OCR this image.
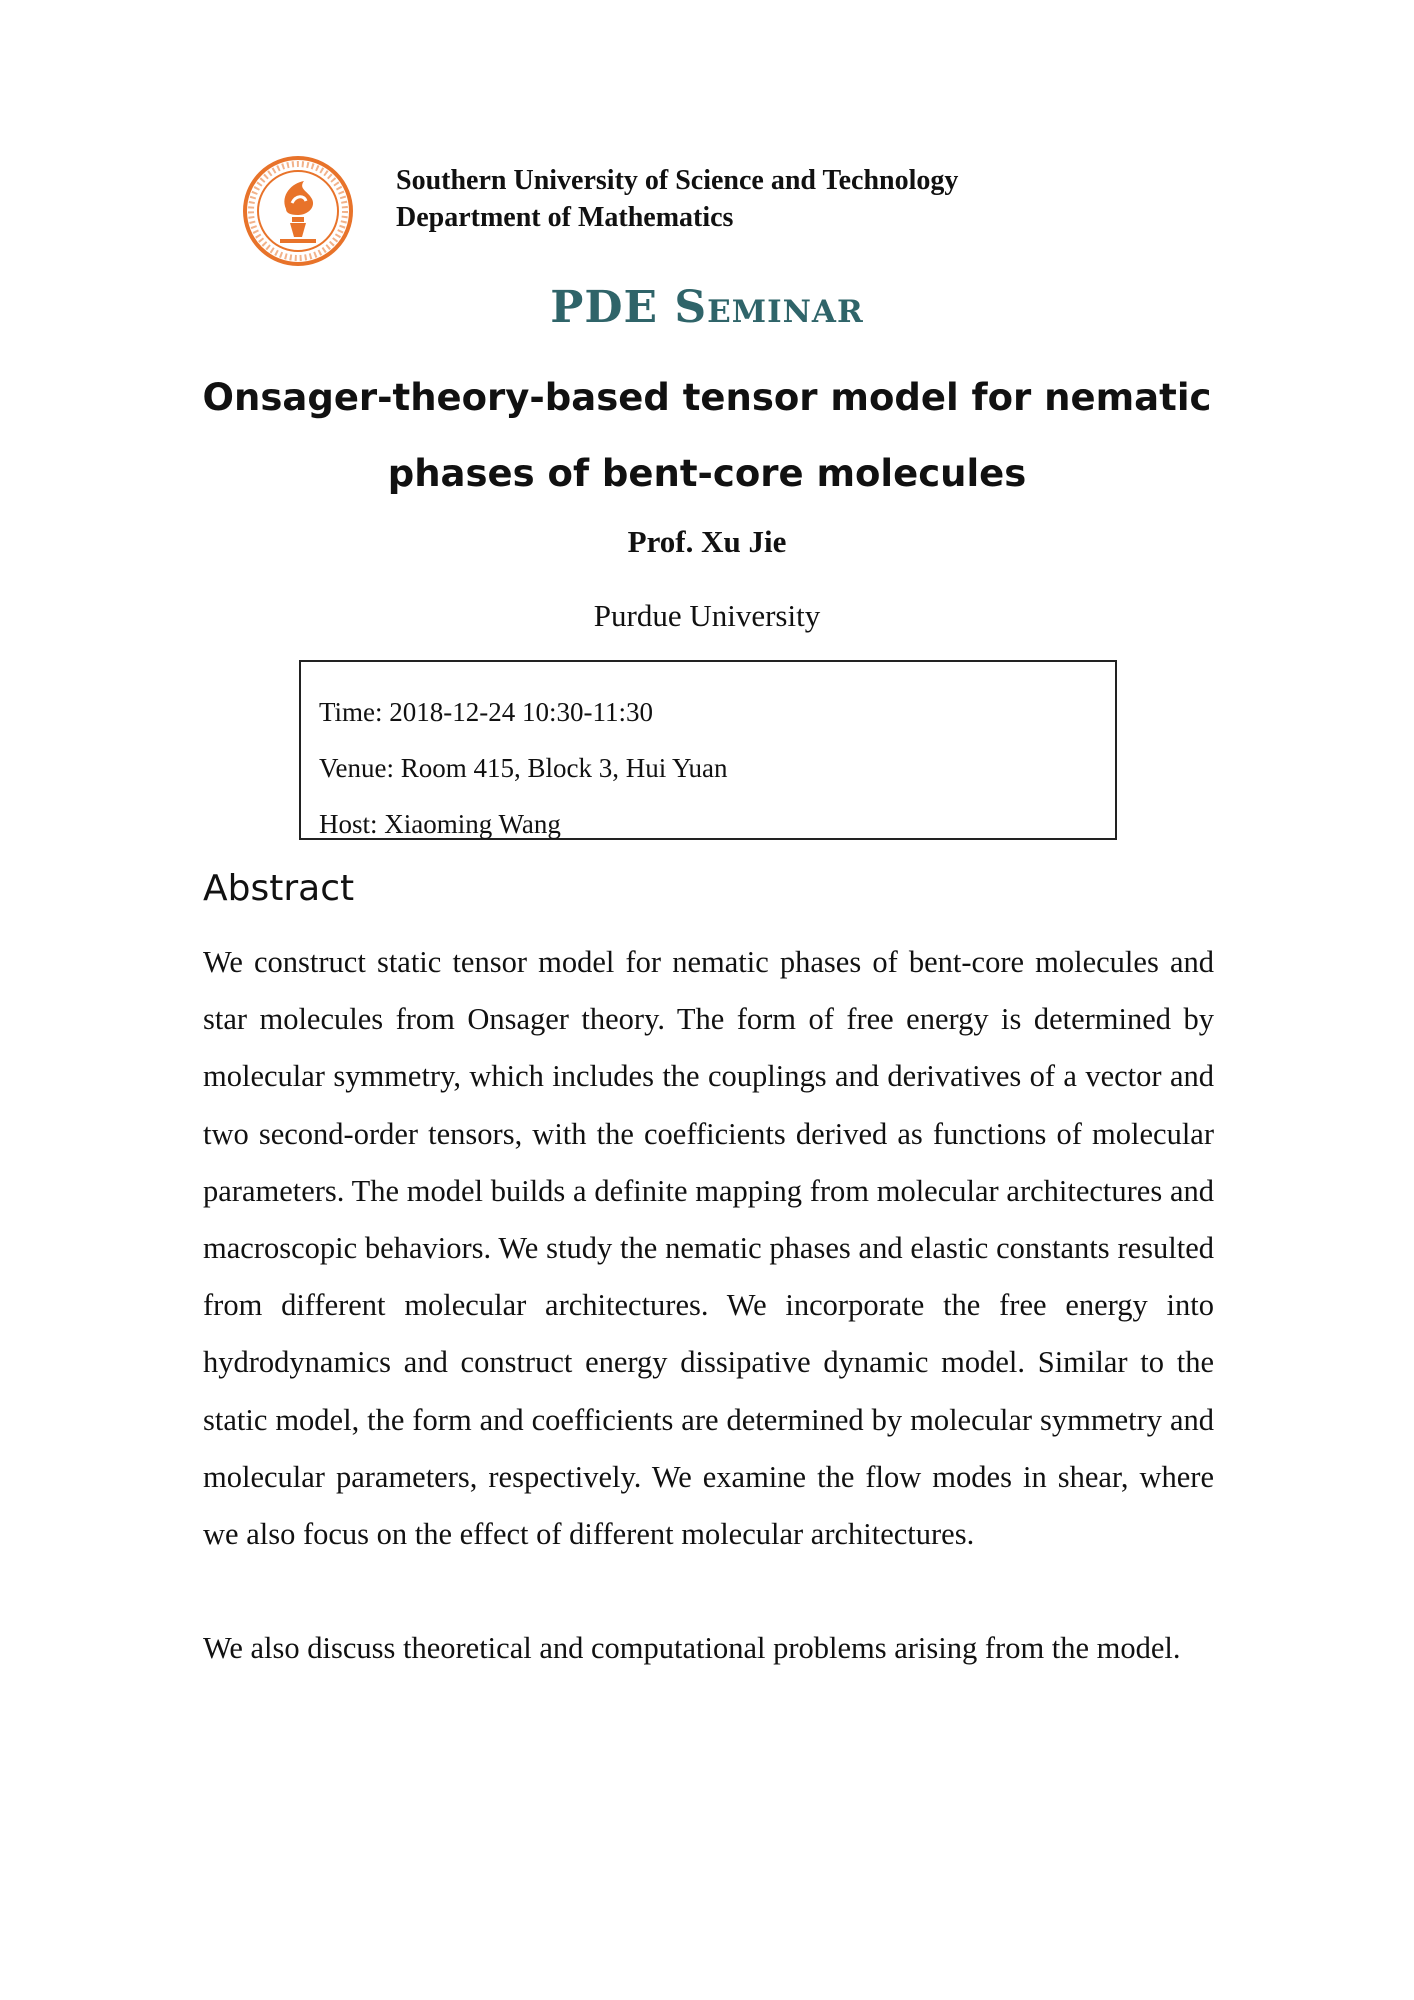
Southern University of Science and Technology
Department of Mathematics
PDE Seminar
Onsager-theory-based tensor model for nematic phases of bent-core molecules
Prof. Xu Jie
Purdue University
Time: 2018-12-24 10:30-11:30
Venue: Room 415, Block 3, Hui Yuan
Host: Xiaoming Wang
Abstract

We construct static tensor model for nematic phases of bent-core molecules and star molecules from Onsager theory. The form of free energy is determined by molecular symmetry, which includes the couplings and derivatives of a vector and two second-order tensors, with the coefficients derived as functions of molecular parameters. The model builds a definite mapping from molecular architectures and macroscopic behaviors. We study the nematic phases and elastic constants resulted from different molecular architectures. We incorporate the free energy into hydrodynamics and construct energy dissipative dynamic model. Similar to the static model, the form and coefficients are determined by molecular symmetry and molecular parameters, respectively. We examine the flow modes in shear, where we also focus on the effect of different molecular architectures.

We also discuss theoretical and computational problems arising from the model.
